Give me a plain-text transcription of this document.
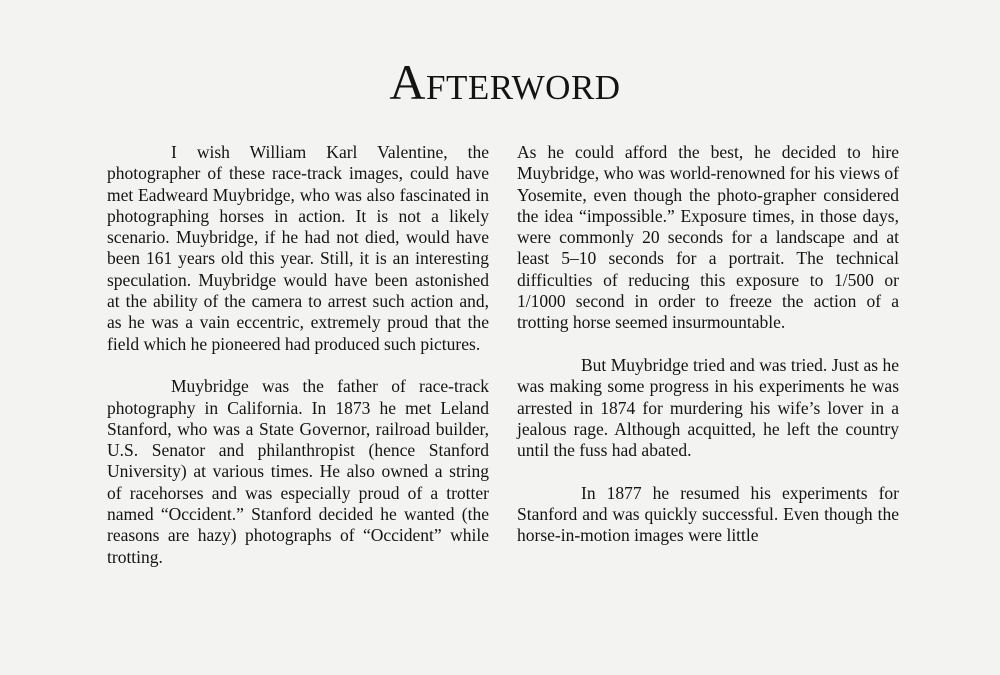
Afterword

I wish William Karl Valentine, the photographer of these race-track images, could have met Eadweard Muybridge, who was also fascinated in photographing horses in action. It is not a likely scenario. Muybridge, if he had not died, would have been 161 years old this year. Still, it is an interesting speculation. Muybridge would have been astonished at the ability of the camera to arrest such action and, as he was a vain eccentric, extremely proud that the field which he pioneered had produced such pictures.

Muybridge was the father of race-track photography in California. In 1873 he met Leland Stanford, who was a State Governor, railroad builder, U.S. Senator and philanthropist (hence Stanford University) at various times. He also owned a string of racehorses and was especially proud of a trotter named “Occident.” Stanford decided he wanted (the reasons are hazy) photographs of “Occident” while trotting.

As he could afford the best, he decided to hire Muybridge, who was world-renowned for his views of Yosemite, even though the photo-grapher considered the idea “impossible.” Exposure times, in those days, were commonly 20 seconds for a landscape and at least 5–10 seconds for a portrait. The technical difficulties of reducing this exposure to 1/500 or 1/1000 second in order to freeze the action of a trotting horse seemed insurmountable.

But Muybridge tried and was tried. Just as he was making some progress in his experiments he was arrested in 1874 for murdering his wife’s lover in a jealous rage. Although acquitted, he left the country until the fuss had abated.

In 1877 he resumed his experiments for Stanford and was quickly successful. Even though the horse-in-motion images were little
